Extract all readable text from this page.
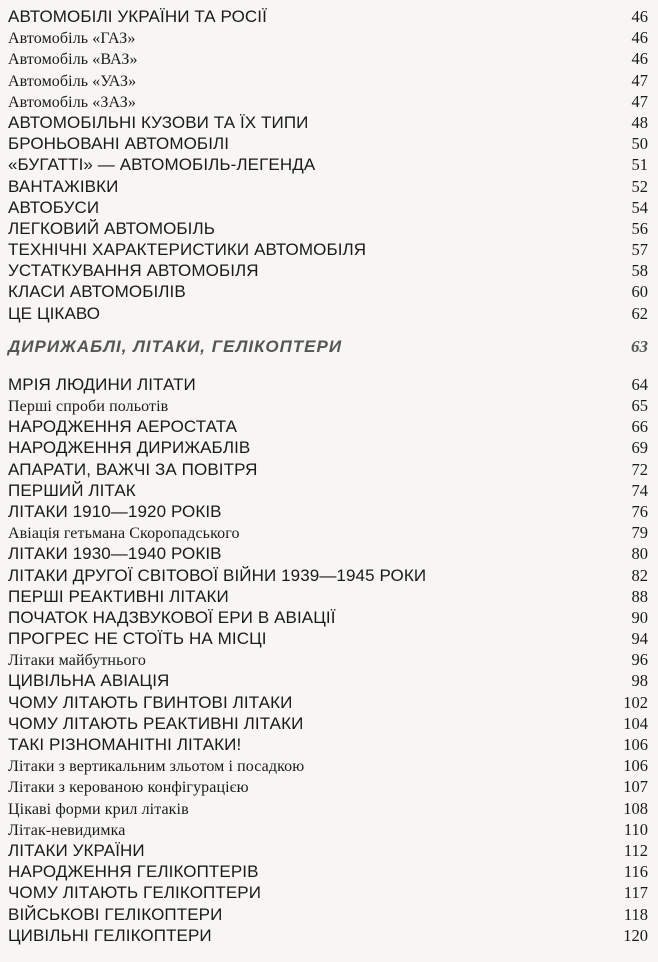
АВТОМОБІЛІ УКРАЇНИ ТА РОСІЇ	46
Автомобіль «ГАЗ»	46
Автомобіль «ВАЗ»	46
Автомобіль «УАЗ»	47
Автомобіль «ЗАЗ»	47
АВТОМОБІЛЬНІ КУЗОВИ ТА ЇХ ТИПИ	48
БРОНЬОВАНІ АВТОМОБІЛІ	50
«БУГАТТІ» — АВТОМОБІЛЬ-ЛЕГЕНДА	51
ВАНТАЖІВКИ	52
АВТОБУСИ	54
ЛЕГКОВИЙ АВТОМОБІЛЬ	56
ТЕХНІЧНІ ХАРАКТЕРИСТИКИ АВТОМОБІЛЯ	57
УСТАТКУВАННЯ АВТОМОБІЛЯ	58
КЛАСИ АВТОМОБІЛІВ	60
ЦЕ ЦІКАВО	62
ДИРИЖАБЛІ, ЛІТАКИ, ГЕЛІКОПТЕРИ	63
МРІЯ ЛЮДИНИ ЛІТАТИ	64
Перші спроби польотів	65
НАРОДЖЕННЯ АЕРОСТАТА	66
НАРОДЖЕННЯ ДИРИЖАБЛІВ	69
АПАРАТИ, ВАЖЧІ ЗА ПОВІТРЯ	72
ПЕРШИЙ ЛІТАК	74
ЛІТАКИ 1910—1920 РОКІВ	76
Авіація гетьмана Скоропадського	79
ЛІТАКИ 1930—1940 РОКІВ	80
ЛІТАКИ ДРУГОЇ СВІТОВОЇ ВІЙНИ 1939—1945 РОКИ	82
ПЕРШІ РЕАКТИВНІ ЛІТАКИ	88
ПОЧАТОК НАДЗВУКОВОЇ ЕРИ В АВІАЦІЇ	90
ПРОГРЕС НЕ СТОЇТЬ НА МІСЦІ	94
Літаки майбутнього	96
ЦИВІЛЬНА АВІАЦІЯ	98
ЧОМУ ЛІТАЮТЬ ГВИНТОВІ ЛІТАКИ	102
ЧОМУ ЛІТАЮТЬ РЕАКТИВНІ ЛІТАКИ	104
ТАКІ РІЗНОМАНІТНІ ЛІТАКИ!	106
Літаки з вертикальним зльотом і посадкою	106
Літаки з керованою конфігурацією	107
Цікаві форми крил літаків	108
Літак-невидимка	110
ЛІТАКИ УКРАЇНИ	112
НАРОДЖЕННЯ ГЕЛІКОПТЕРІВ	116
ЧОМУ ЛІТАЮТЬ ГЕЛІКОПТЕРИ	117
ВІЙСЬКОВІ ГЕЛІКОПТЕРИ	118
ЦИВІЛЬНІ ГЕЛІКОПТЕРИ	120
